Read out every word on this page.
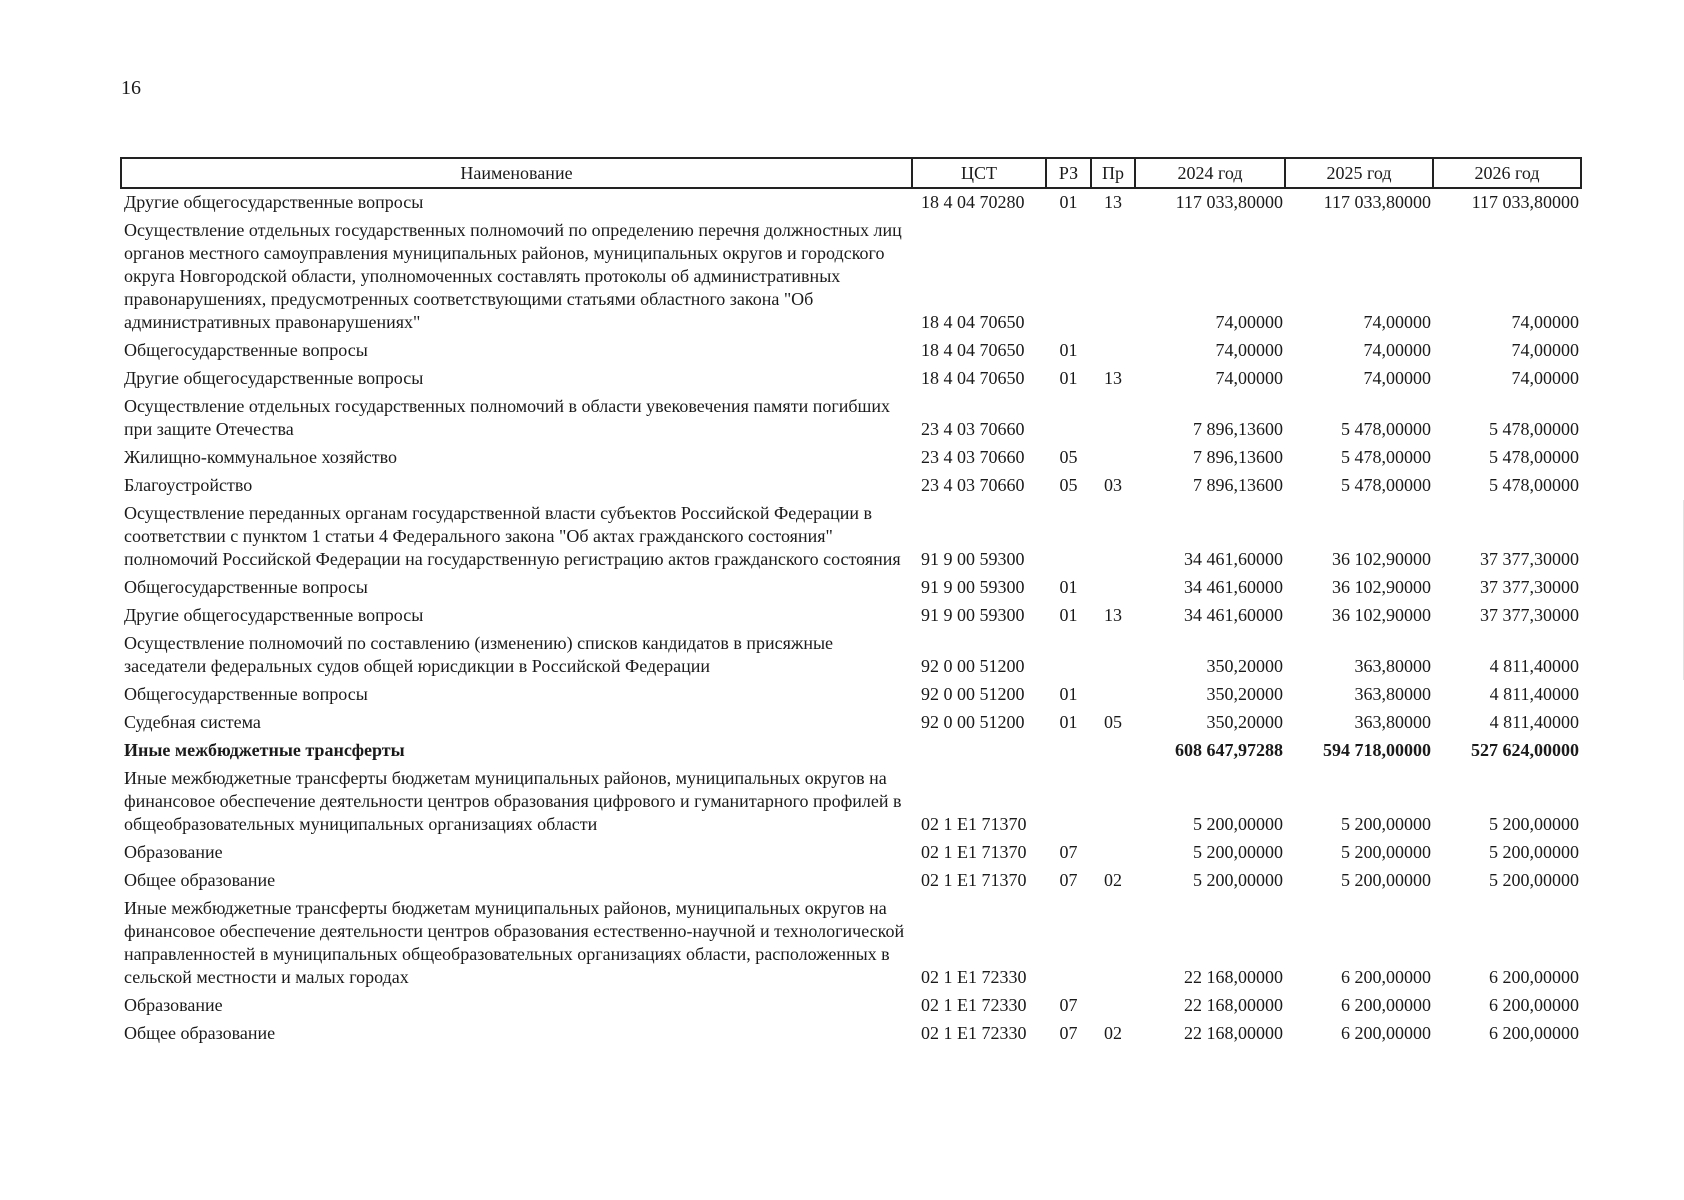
16
Наименование	ЦСТ	РЗ	Пр	2024 год	2025 год	2026 год
Другие общегосударственные вопросы	18 4 04 70280	01	13	117 033,80000	117 033,80000	117 033,80000
Осуществление отдельных государственных полномочий по определению перечня должностных лиц органов местного самоуправления муниципальных районов, муниципальных округов и городского округа Новгородской области, уполномоченных составлять протоколы об административных правонарушениях, предусмотренных соответствующими статьями областного закона "Об административных правонарушениях"	18 4 04 70650			74,00000	74,00000	74,00000
Общегосударственные вопросы	18 4 04 70650	01		74,00000	74,00000	74,00000
Другие общегосударственные вопросы	18 4 04 70650	01	13	74,00000	74,00000	74,00000
Осуществление отдельных государственных полномочий в области увековечения памяти погибших при защите Отечества	23 4 03 70660			7 896,13600	5 478,00000	5 478,00000
Жилищно-коммунальное хозяйство	23 4 03 70660	05		7 896,13600	5 478,00000	5 478,00000
Благоустройство	23 4 03 70660	05	03	7 896,13600	5 478,00000	5 478,00000
Осуществление переданных органам государственной власти субъектов Российской Федерации в соответствии с пунктом 1 статьи 4 Федерального закона "Об актах гражданского состояния" полномочий Российской Федерации на государственную регистрацию актов гражданского состояния	91 9 00 59300			34 461,60000	36 102,90000	37 377,30000
Общегосударственные вопросы	91 9 00 59300	01		34 461,60000	36 102,90000	37 377,30000
Другие общегосударственные вопросы	91 9 00 59300	01	13	34 461,60000	36 102,90000	37 377,30000
Осуществление полномочий по составлению (изменению) списков кандидатов в присяжные заседатели федеральных судов общей юрисдикции в Российской Федерации	92 0 00 51200			350,20000	363,80000	4 811,40000
Общегосударственные вопросы	92 0 00 51200	01		350,20000	363,80000	4 811,40000
Судебная система	92 0 00 51200	01	05	350,20000	363,80000	4 811,40000
Иные межбюджетные трансферты				608 647,97288	594 718,00000	527 624,00000
Иные межбюджетные трансферты бюджетам муниципальных районов, муниципальных округов на финансовое обеспечение деятельности центров образования цифрового и гуманитарного профилей в общеобразовательных муниципальных организациях области	02 1 E1 71370			5 200,00000	5 200,00000	5 200,00000
Образование	02 1 E1 71370	07		5 200,00000	5 200,00000	5 200,00000
Общее образование	02 1 E1 71370	07	02	5 200,00000	5 200,00000	5 200,00000
Иные межбюджетные трансферты бюджетам муниципальных районов, муниципальных округов на финансовое обеспечение деятельности центров образования естественно-научной и технологической направленностей в муниципальных общеобразовательных организациях области, расположенных в сельской местности и малых городах	02 1 E1 72330			22 168,00000	6 200,00000	6 200,00000
Образование	02 1 E1 72330	07		22 168,00000	6 200,00000	6 200,00000
Общее образование	02 1 E1 72330	07	02	22 168,00000	6 200,00000	6 200,00000
